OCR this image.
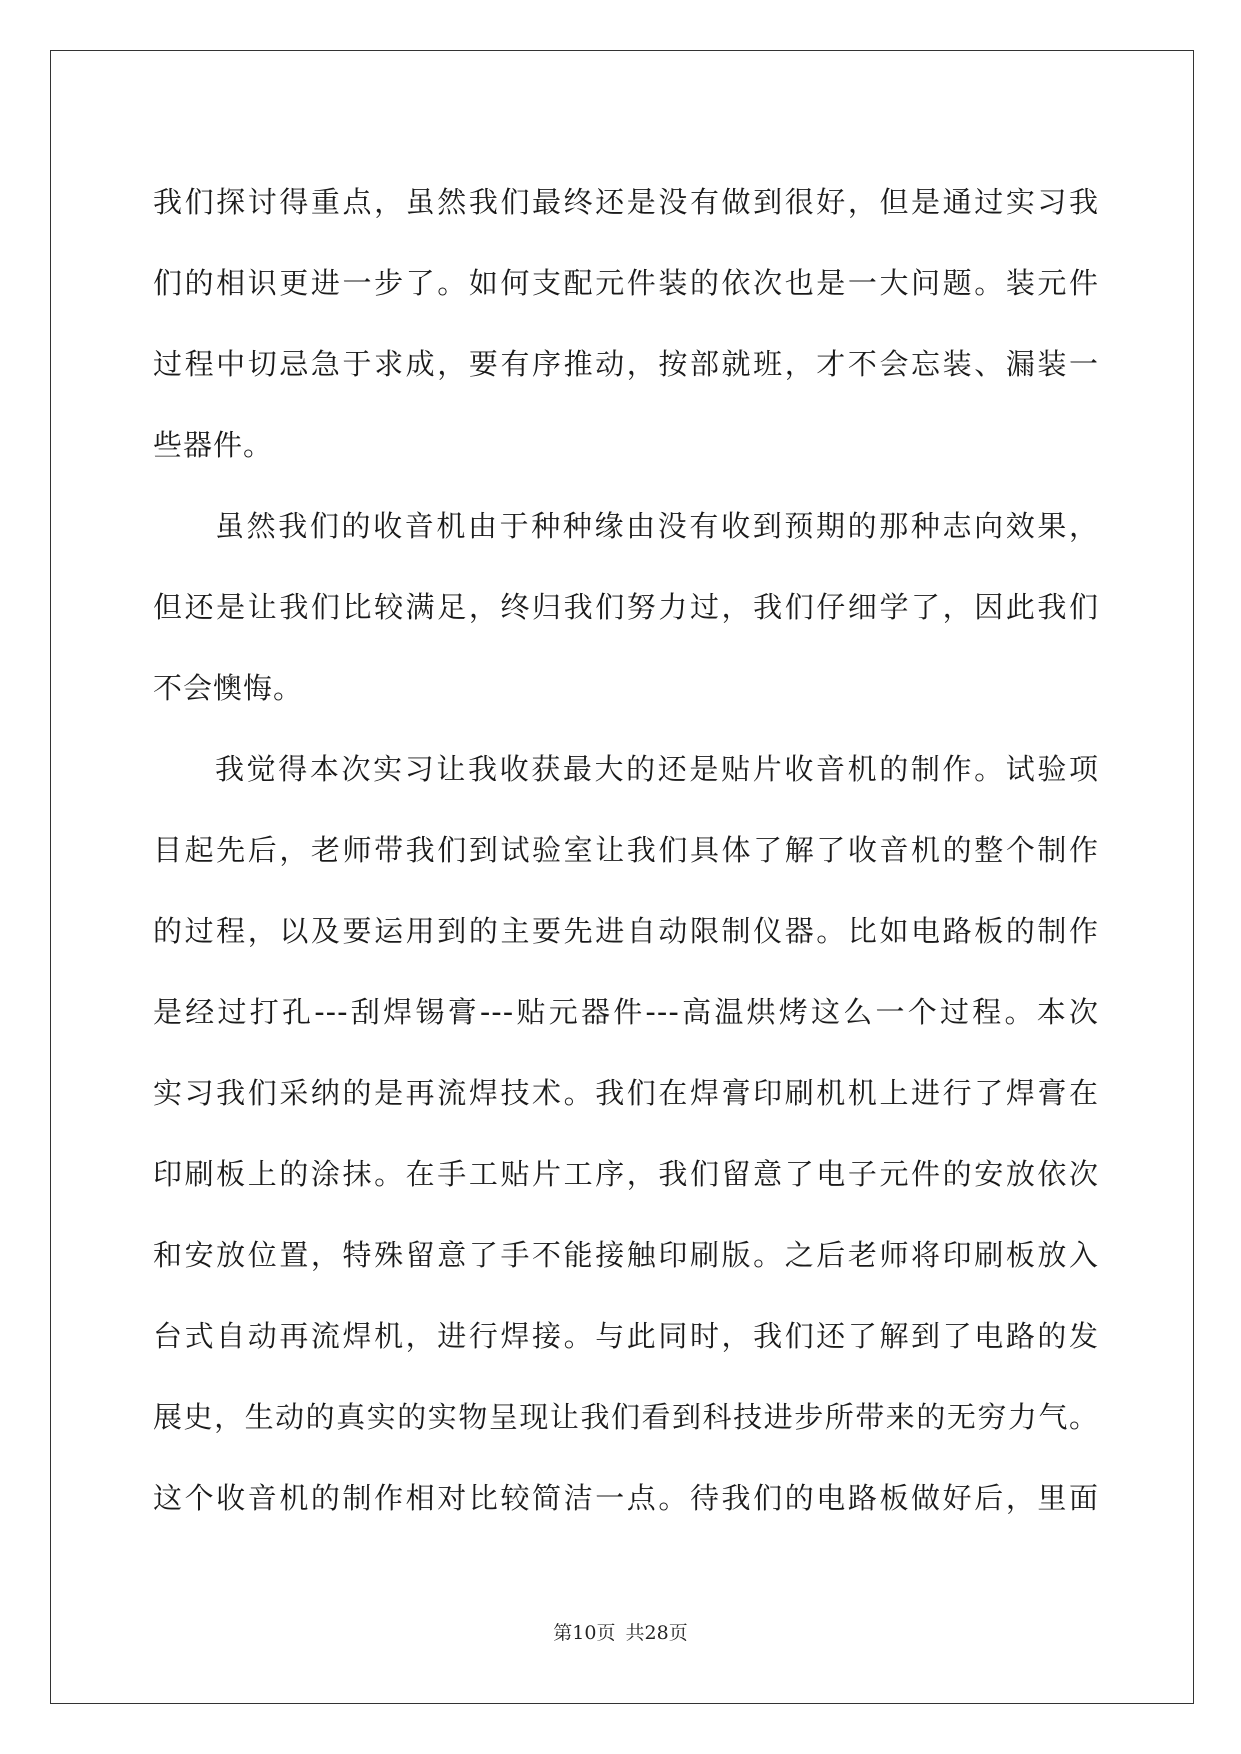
我们探讨得重点，虽然我们最终还是没有做到很好，但是通过实习我
们的相识更进一步了。如何支配元件装的依次也是一大问题。装元件
过程中切忌急于求成，要有序推动，按部就班，才不会忘装、漏装一
些器件。
虽然我们的收音机由于种种缘由没有收到预期的那种志向效果，
但还是让我们比较满足，终归我们努力过，我们仔细学了，因此我们
不会懊悔。
我觉得本次实习让我收获最大的还是贴片收音机的制作。试验项
目起先后，老师带我们到试验室让我们具体了解了收音机的整个制作
的过程，以及要运用到的主要先进自动限制仪器。比如电路板的制作
是经过打孔---刮焊锡膏---贴元器件---高温烘烤这么一个过程。本次
实习我们采纳的是再流焊技术。我们在焊膏印刷机机上进行了焊膏在
印刷板上的涂抹。在手工贴片工序，我们留意了电子元件的安放依次
和安放位置，特殊留意了手不能接触印刷版。之后老师将印刷板放入
台式自动再流焊机，进行焊接。与此同时，我们还了解到了电路的发
展史，生动的真实的实物呈现让我们看到科技进步所带来的无穷力气。
这个收音机的制作相对比较简洁一点。待我们的电路板做好后，里面
第10页 共28页
